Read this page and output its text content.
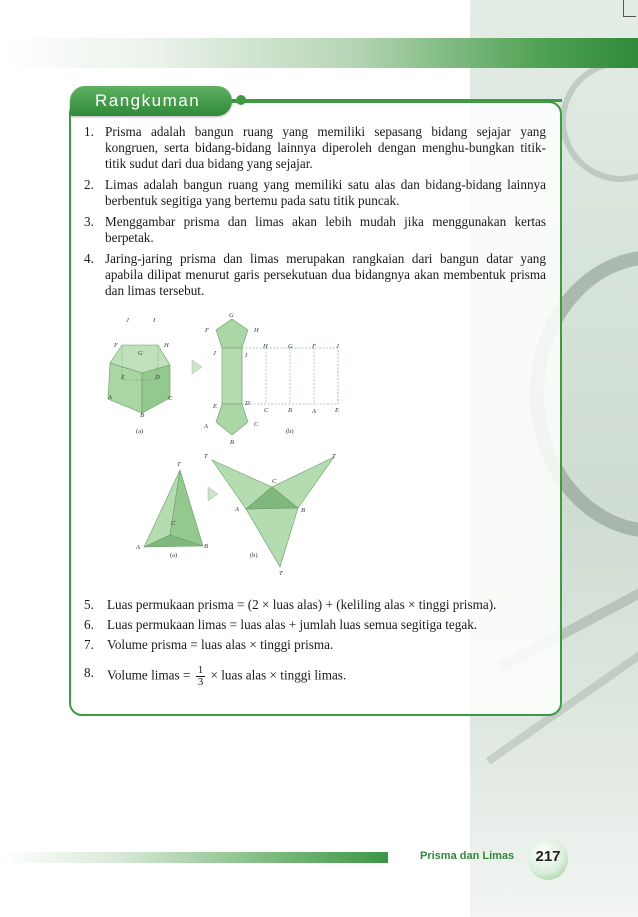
Rangkuman
1. Prisma adalah bangun ruang yang memiliki sepasang bidang sejajar yang kongruen, serta bidang-bidang lainnya diperoleh dengan menghu-bungkan titik-titik sudut dari dua bidang yang sejajar.
2. Limas adalah bangun ruang yang memiliki satu alas dan bidang-bidang lainnya berbentuk segitiga yang bertemu pada satu titik puncak.
3. Menggambar prisma dan limas akan lebih mudah jika menggunakan kertas berpetak.
4. Jaring-jaring prisma dan limas merupakan rangkaian dari bangun datar yang apabila dilipat menurut garis persekutuan dua bidangnya akan membentuk prisma dan limas tersebut.
J	I
F	H
G
E	D
A	C
B
(a)
G
F	H
J	I
H	G	F	J
C	B	A	E
E	D
A	C
B
(b)
T
C
A	B
(a)
T	T
C
A	B
T
(b)
5. Luas permukaan prisma = (2 × luas alas) + (keliling alas × tinggi prisma).
6. Luas permukaan limas = luas alas + jumlah luas semua segitiga tegak.
7. Volume prisma = luas alas × tinggi prisma.
8. Volume limas = $\frac{1}{3}$ × luas alas × tinggi limas.
Prisma dan Limas	217
